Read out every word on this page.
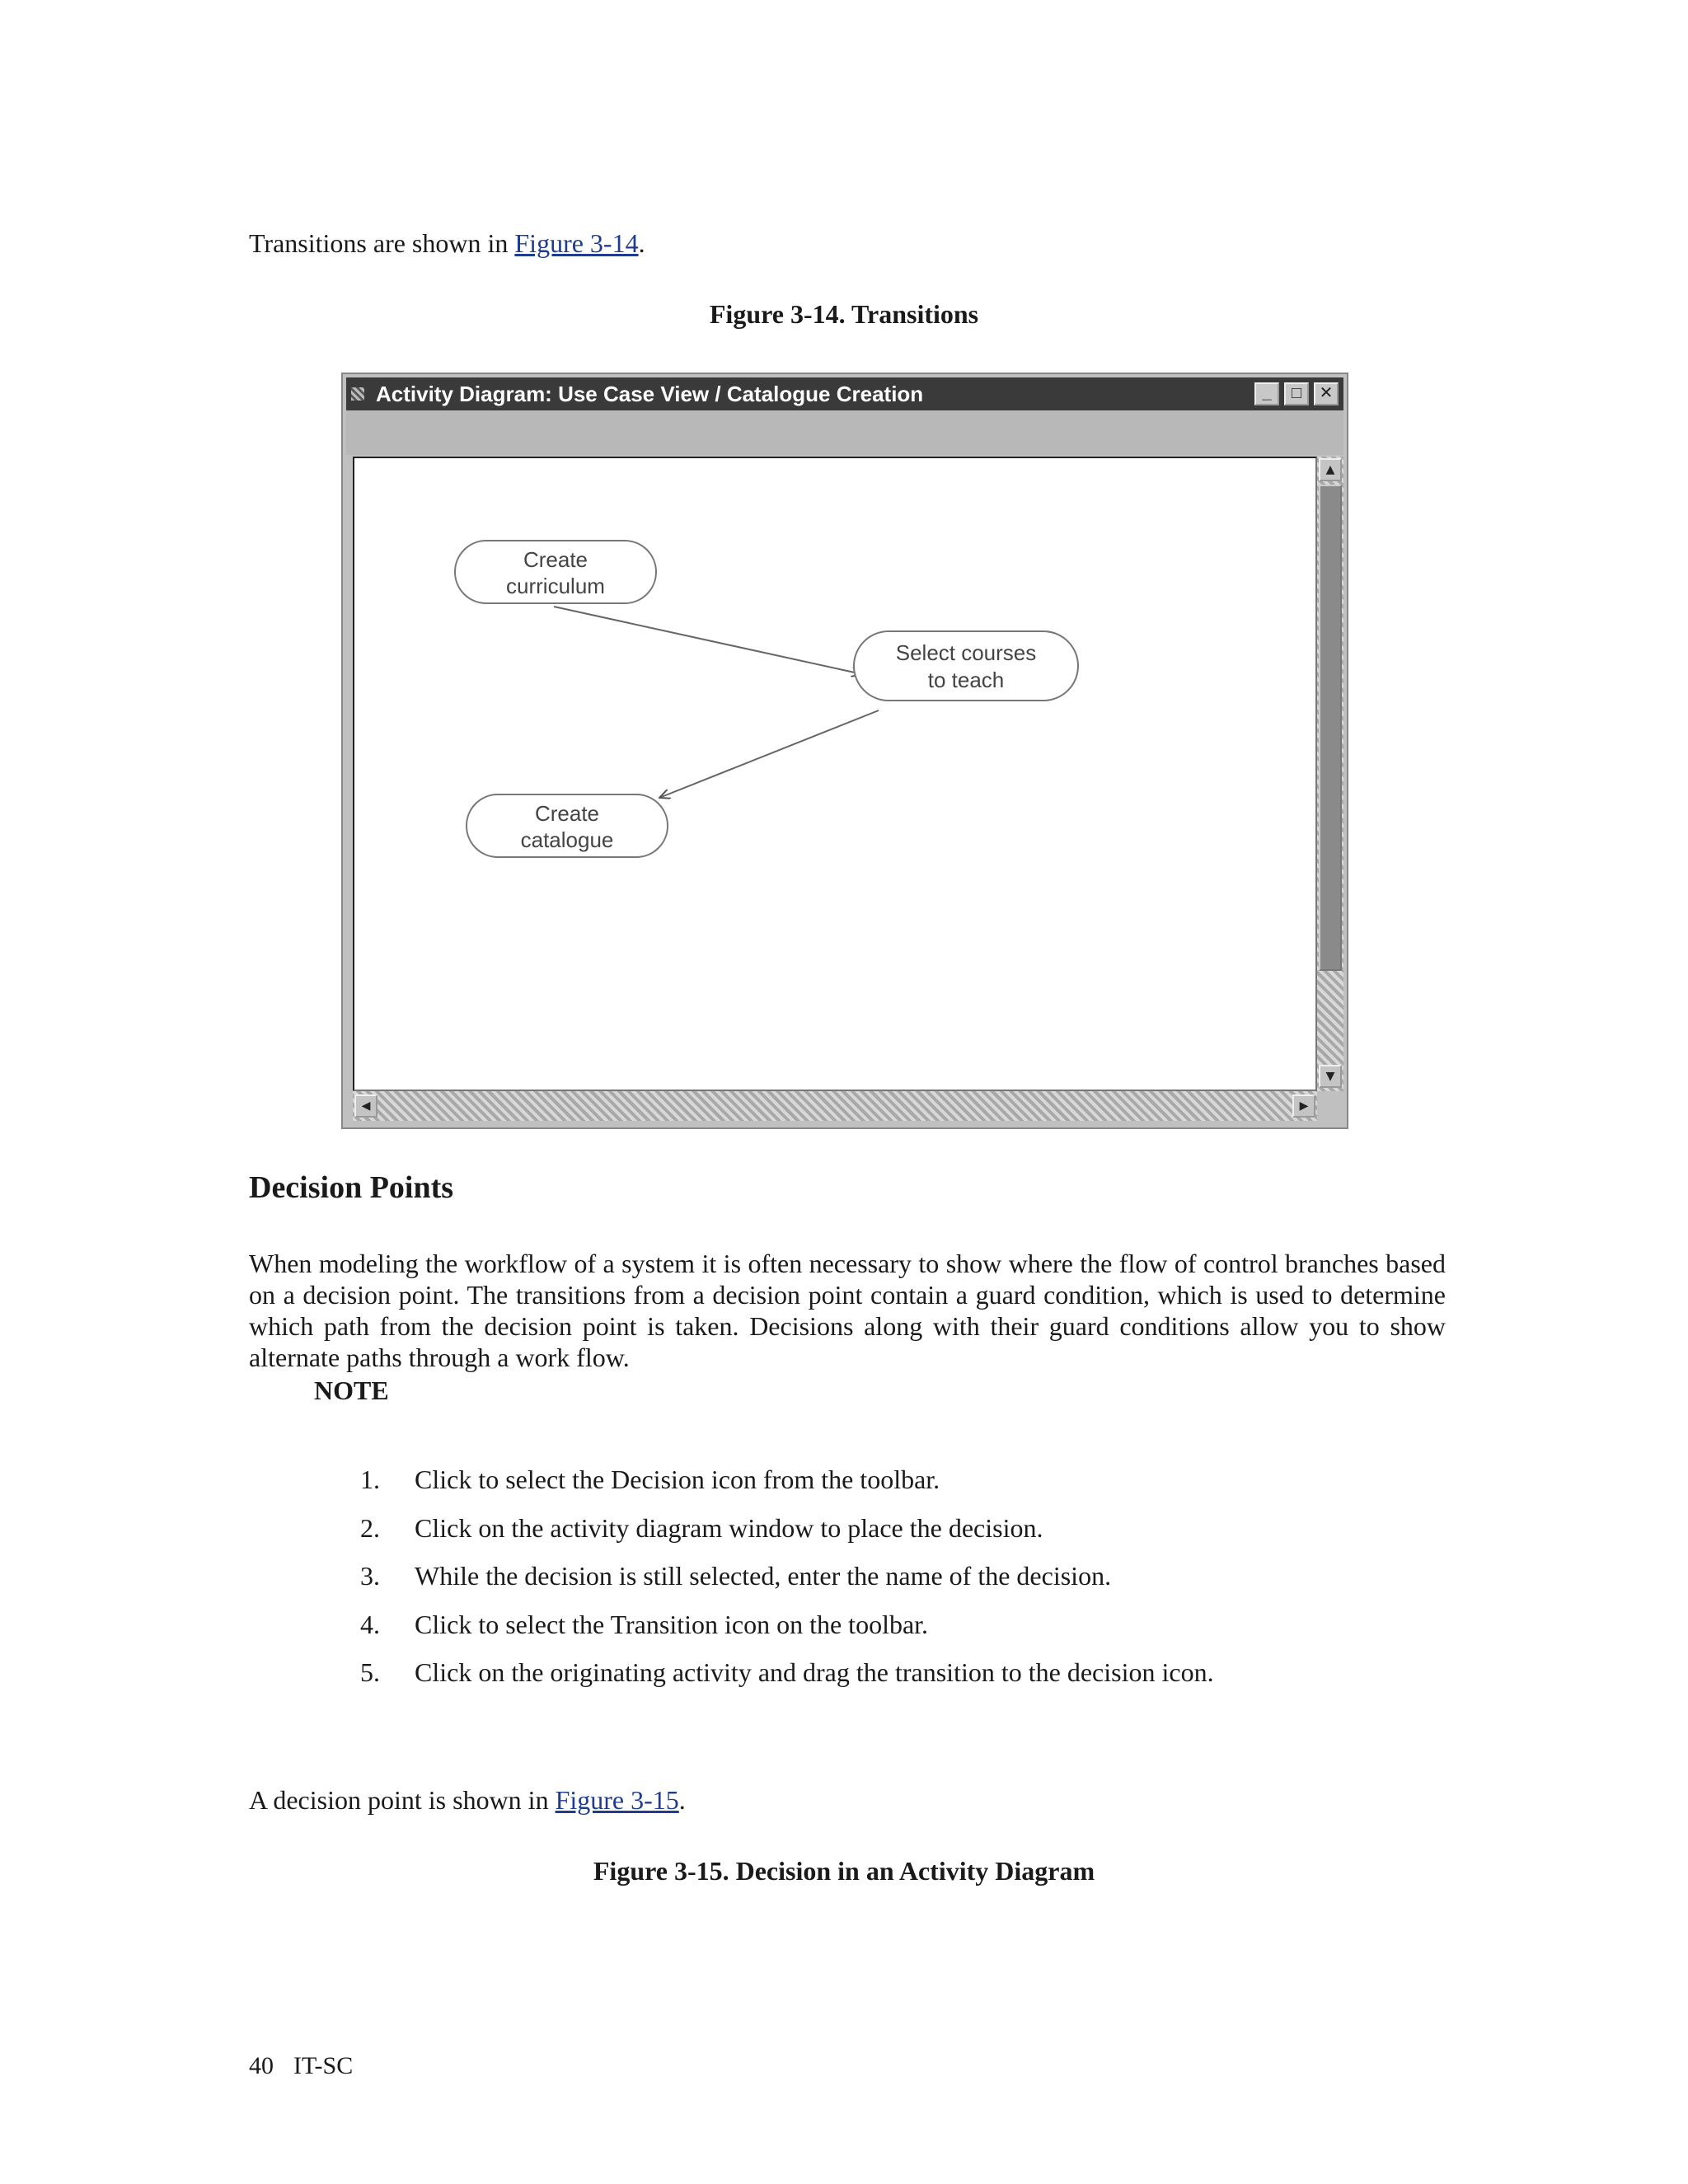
Transitions are shown in Figure 3-14.

Figure 3-14. Transitions

Activity Diagram: Use Case View / Catalogue Creation	_	□	✕
Create
curriculum
Select courses
to teach
Create
catalogue
▲
▼
◀	▶
Decision Points

When modeling the workflow of a system it is often necessary to show where the flow of control branches based on a decision point. The transitions from a decision point contain a guard condition, which is used to determine which path from the decision point is taken. Decisions along with their guard conditions allow you to show alternate paths through a work flow.

NOTE
1.	Click to select the Decision icon from the toolbar.
2.	Click on the activity diagram window to place the decision.
3.	While the decision is still selected, enter the name of the decision.
4.	Click to select the Transition icon on the toolbar.
5.	Click on the originating activity and drag the transition to the decision icon.

A decision point is shown in Figure 3-15.

Figure 3-15. Decision in an Activity Diagram

40 IT-SC
